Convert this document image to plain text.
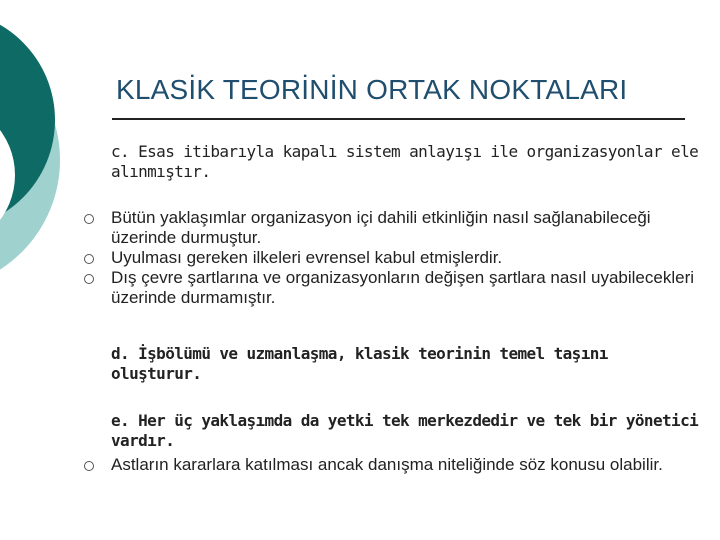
KLASİK TEORİNİN ORTAK NOKTALARI
c. Esas itibarıyla kapalı sistem anlayışı ile organizasyonlar ele alınmıştır.
Bütün yaklaşımlar organizasyon içi dahili etkinliğin nasıl sağlanabileceği üzerinde durmuştur.
Uyulması gereken ilkeleri evrensel kabul etmişlerdir.
Dış çevre şartlarına ve organizasyonların değişen şartlara nasıl uyabilecekleri üzerinde durmamıştır.
d. İşbölümü ve uzmanlaşma, klasik teorinin temel taşını oluşturur.
e. Her üç yaklaşımda da yetki tek merkezdedir ve tek bir yönetici vardır.
Astların kararlara katılması ancak danışma niteliğinde söz konusu olabilir.
